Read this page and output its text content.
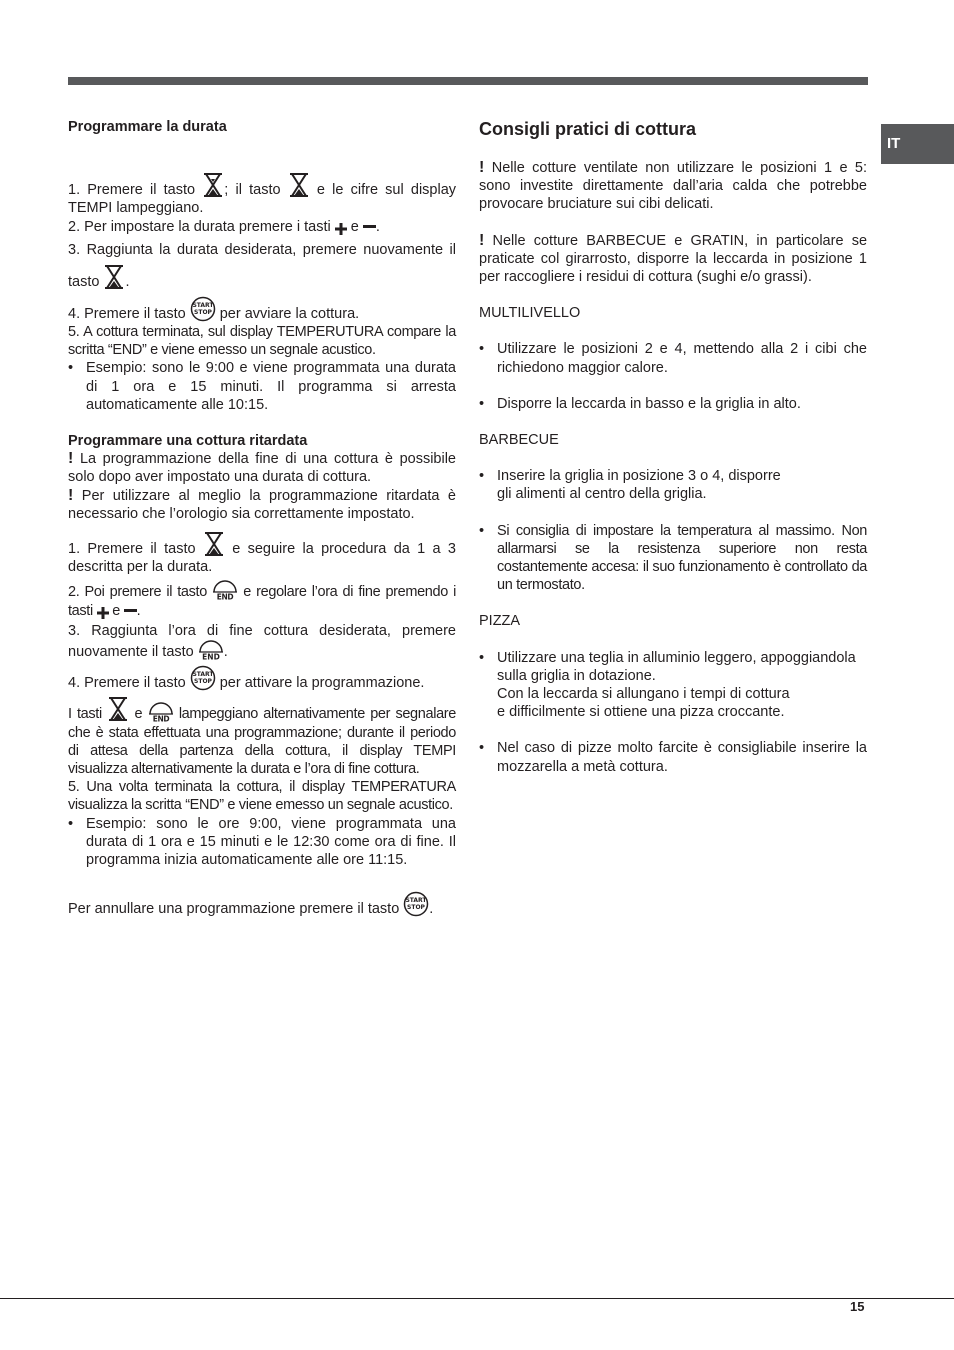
IT

Programmare la durata

1. Premere il tasto ; il tasto	e le cifre sul display TEMPI lampeggiano.

2. Per impostare la durata premere i tasti e .

3. Raggiunta la durata desiderata, premere nuovamente il tasto .

4. Premere il tasto
START
STOP per avviare la cottura.

5. A cottura terminata, sul display TEMPERUTURA compare la scritta “END” e viene emesso un segnale acustico.

• Esempio: sono le 9:00 e viene programmata una durata di 1 ora e 15 minuti. Il programma si arresta automaticamente alle 10:15.

Programmare una cottura ritardata

! La programmazione della fine di una cottura è possibile solo dopo aver impostato una durata di cottura.

! Per utilizzare al meglio la programmazione ritardata è necessario che l’orologio sia correttamente impostato.

1. Premere il tasto	e seguire la procedura da 1 a 3 descritta per la durata.

2. Poi premere il tasto END e regolare l’ora di fine premendo i tasti e .

3. Raggiunta l’ora di fine cottura desiderata, premere nuovamente il tasto END .

4. Premere il tasto
START
STOP per attivare la programmazione.

I tasti e END lampeggiano alternativamente per segnalare che è stata effettuata una programmazione; durante il periodo di attesa della partenza della cottura, il display TEMPI visualizza alternativamente la durata e l’ora di fine cottura.

5. Una volta terminata la cottura, il display TEMPERATURA visualizza la scritta “END” e viene emesso un segnale acustico.

• Esempio: sono le ore 9:00, viene programmata una durata di 1 ora e 15 minuti e le 12:30 come ora di fine. Il programma inizia automaticamente alle ore 11:15.

Per annullare una programmazione premere il tasto
START
STOP .

Consigli pratici di cottura

! Nelle cotture ventilate non utilizzare le posizioni 1 e 5: sono investite direttamente dall’aria calda che potrebbe provocare bruciature sui cibi delicati.

! Nelle cotture BARBECUE e GRATIN, in particolare se praticate col girarrosto, disporre la leccarda in posizione 1 per raccogliere i residui di cottura (sughi e/o grassi).

MULTILIVELLO

• Utilizzare le posizioni 2 e 4, mettendo alla 2 i cibi che richiedono maggior calore.
• Disporre la leccarda in basso e la griglia in alto.

BARBECUE

• Inserire la griglia in posizione 3 o 4, disporre
gli alimenti al centro della griglia.
• Si consiglia di impostare la temperatura al massimo. Non allarmarsi se la resistenza superiore non resta costantemente accesa: il suo funzionamento è controllato da un termostato.

PIZZA

• Utilizzare una teglia in alluminio leggero, appoggiandola sulla griglia in dotazione.
Con la leccarda si allungano i tempi di cottura
e difficilmente si ottiene una pizza croccante.
• Nel caso di pizze molto farcite è consigliabile inserire la mozzarella a metà cottura.
15
